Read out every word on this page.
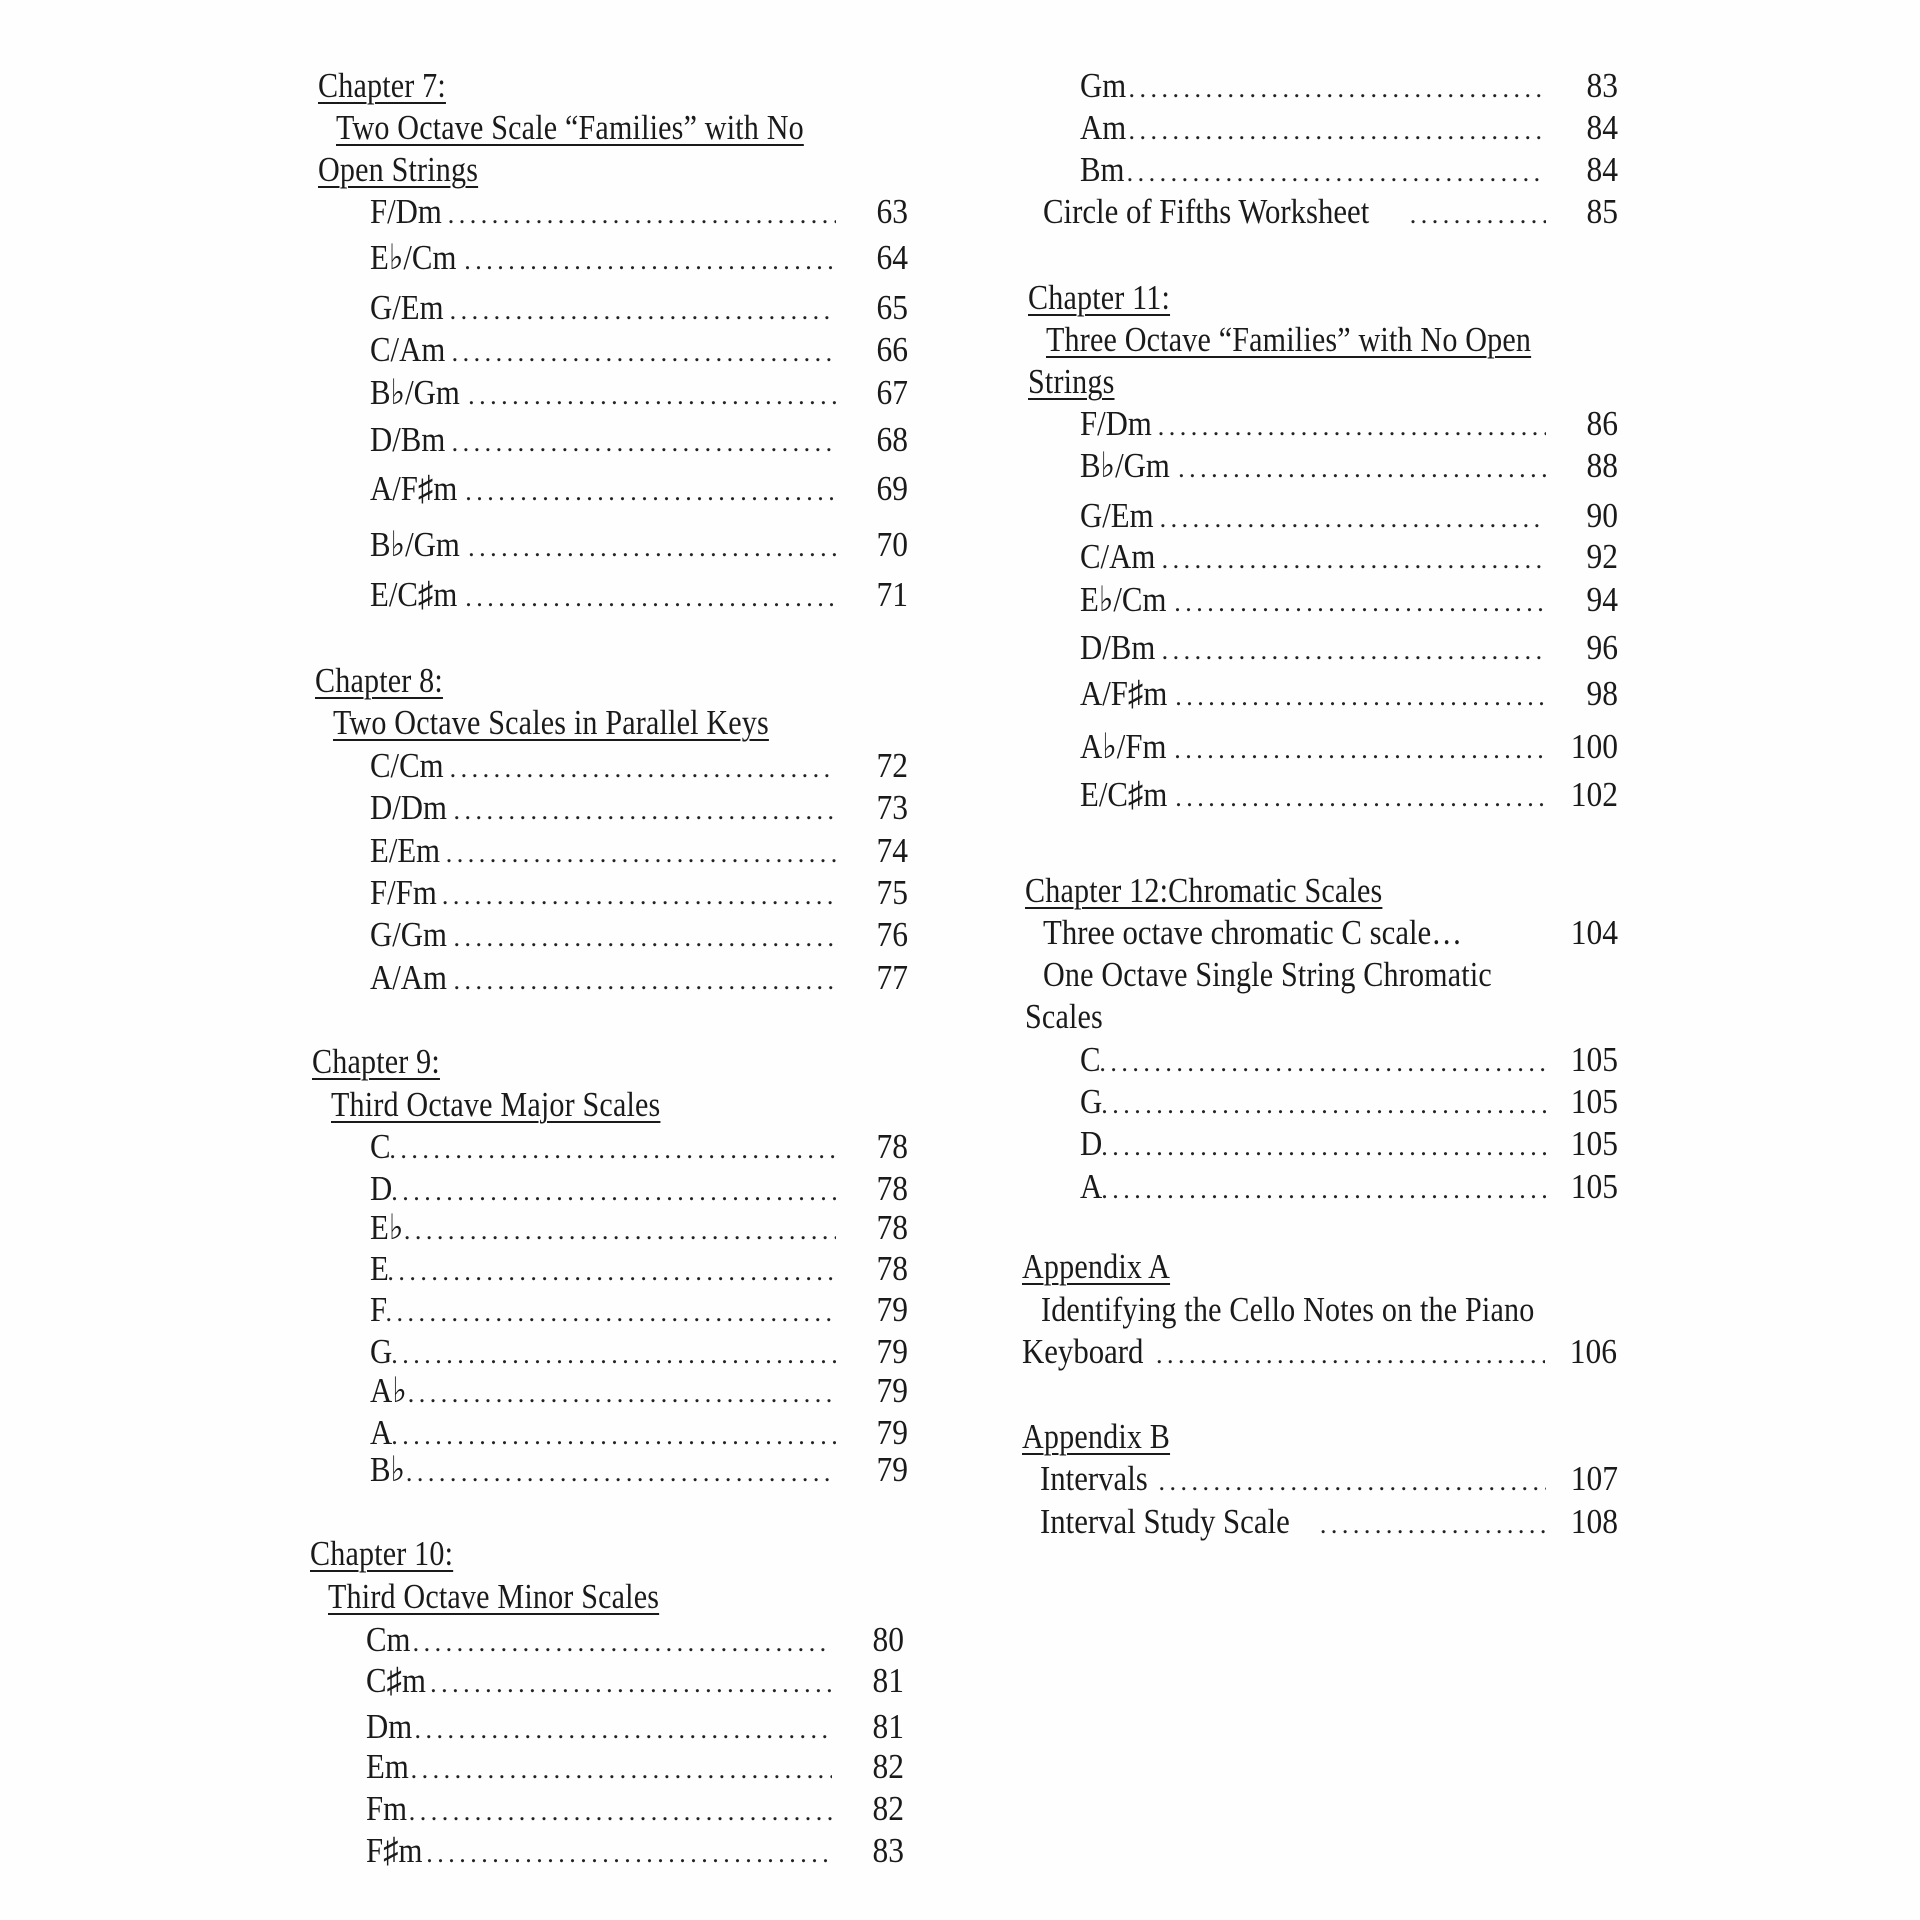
Chapter 7:
Two Octave Scale “Families” with No
Open Strings
F/Dm . . .	63
E♭/Cm . . .	64
G/Em . . .	65
C/Am . . .	66
B♭/Gm . . .	67
D/Bm . . .	68
A/F♯m . . .	69
B♭/Gm . . .	70
E/C♯m . . .	71
Chapter 8:
Two Octave Scales in Parallel Keys
C/Cm . . .	72
D/Dm . . .	73
E/Em . . .	74
F/Fm . . .	75
G/Gm . . .	76
A/Am . . .	77
Chapter 9:
Third Octave Major Scales
C . . .	78
D . . .	78
E♭ . . .	78
E . . .	78
F . . .	79
G . . .	79
A♭ . . .	79
A . . .	79
B♭ . . .	79
Chapter 10:
Third Octave Minor Scales
Cm . . .	80
C♯m . . .	81
Dm . . .	81
Em . . .	82
Fm . . .	82
F♯m . . .	83
Gm . . .	83
Am . . .	84
Bm . . .	84
Circle of Fifths Worksheet . . .	85
Chapter 11:
Three Octave “Families” with No Open
Strings
F/Dm . . .	86
B♭/Gm . . .	88
G/Em . . .	90
C/Am . . .	92
E♭/Cm . . .	94
D/Bm . . .	96
A/F♯m . . .	98
A♭/Fm . . .	100
E/C♯m . . .	102
Chapter 12:Chromatic Scales
Three octave chromatic C scale…	104
One Octave Single String Chromatic
Scales
C . . .	105
G . . .	105
D . . .	105
A . . .	105
Appendix A
Identifying the Cello Notes on the Piano
Keyboard . . .	106
Appendix B
Intervals . . .	107
Interval Study Scale . . .	108
